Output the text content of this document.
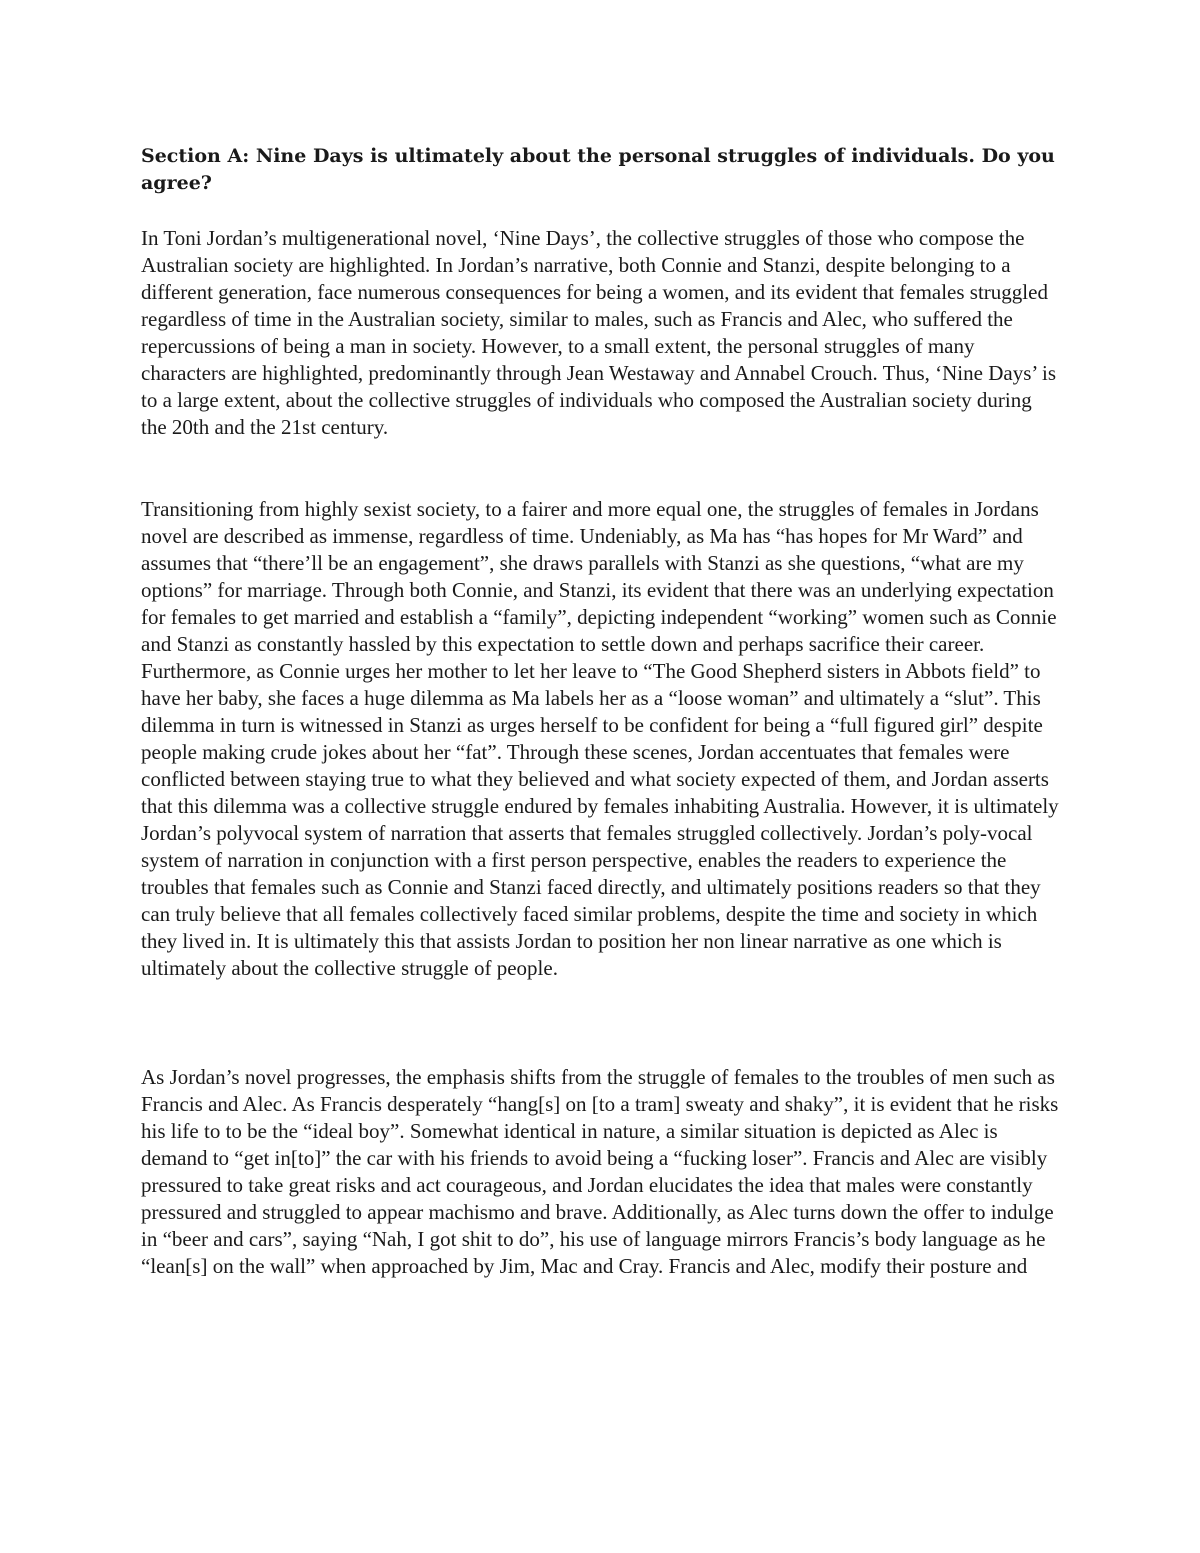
Section A: Nine Days is ultimately about the personal struggles of individuals. Do you agree?

In Toni Jordan’s multigenerational novel, ‘Nine Days’, the collective struggles of those who compose the Australian society are highlighted. In Jordan’s narrative, both Connie and Stanzi, despite belonging to a different generation, face numerous consequences for being a women, and its evident that females struggled regardless of time in the Australian society, similar to males, such as Francis and Alec, who suffered the repercussions of being a man in society. However, to a small extent, the personal struggles of many characters are highlighted, predominantly through Jean Westaway and Annabel Crouch. Thus, ‘Nine Days’ is to a large extent, about the collective struggles of individuals who composed the Australian society during the 20th and the 21st century.

Transitioning from highly sexist society, to a fairer and more equal one, the struggles of females in Jordans novel are described as immense, regardless of time. Undeniably, as Ma has “has hopes for Mr Ward” and assumes that “there’ll be an engagement”, she draws parallels with Stanzi as she questions, “what are my options” for marriage. Through both Connie, and Stanzi, its evident that there was an underlying expectation for females to get married and establish a “family”, depicting independent “working” women such as Connie and Stanzi as constantly hassled by this expectation to settle down and perhaps sacrifice their career. Furthermore, as Connie urges her mother to let her leave to “The Good Shepherd sisters in Abbots field” to have her baby, she faces a huge dilemma as Ma labels her as a “loose woman” and ultimately a “slut”. This dilemma in turn is witnessed in Stanzi as urges herself to be confident for being a “full figured girl” despite people making crude jokes about her “fat”. Through these scenes, Jordan accentuates that females were conflicted between staying true to what they believed and what society expected of them, and Jordan asserts that this dilemma was a collective struggle endured by females inhabiting Australia. However, it is ultimately Jordan’s polyvocal system of narration that asserts that females struggled collectively. Jordan’s poly-vocal system of narration in conjunction with a first person perspective, enables the readers to experience the troubles that females such as Connie and Stanzi faced directly, and ultimately positions readers so that they can truly believe that all females collectively faced similar problems, despite the time and society in which they lived in. It is ultimately this that assists Jordan to position her non linear narrative as one which is ultimately about the collective struggle of people.

As Jordan’s novel progresses, the emphasis shifts from the struggle of females to the troubles of men such as Francis and Alec. As Francis desperately “hang[s] on [to a tram] sweaty and shaky”, it is evident that he risks his life to to be the “ideal boy”. Somewhat identical in nature, a similar situation is depicted as Alec is demand to “get in[to]” the car with his friends to avoid being a “fucking loser”. Francis and Alec are visibly pressured to take great risks and act courageous, and Jordan elucidates the idea that males were constantly pressured and struggled to appear machismo and brave. Additionally, as Alec turns down the offer to indulge in “beer and cars”, saying “Nah, I got shit to do”, his use of language mirrors Francis’s body language as he “lean[s] on the wall” when approached by Jim, Mac and Cray. Francis and Alec, modify their posture and
